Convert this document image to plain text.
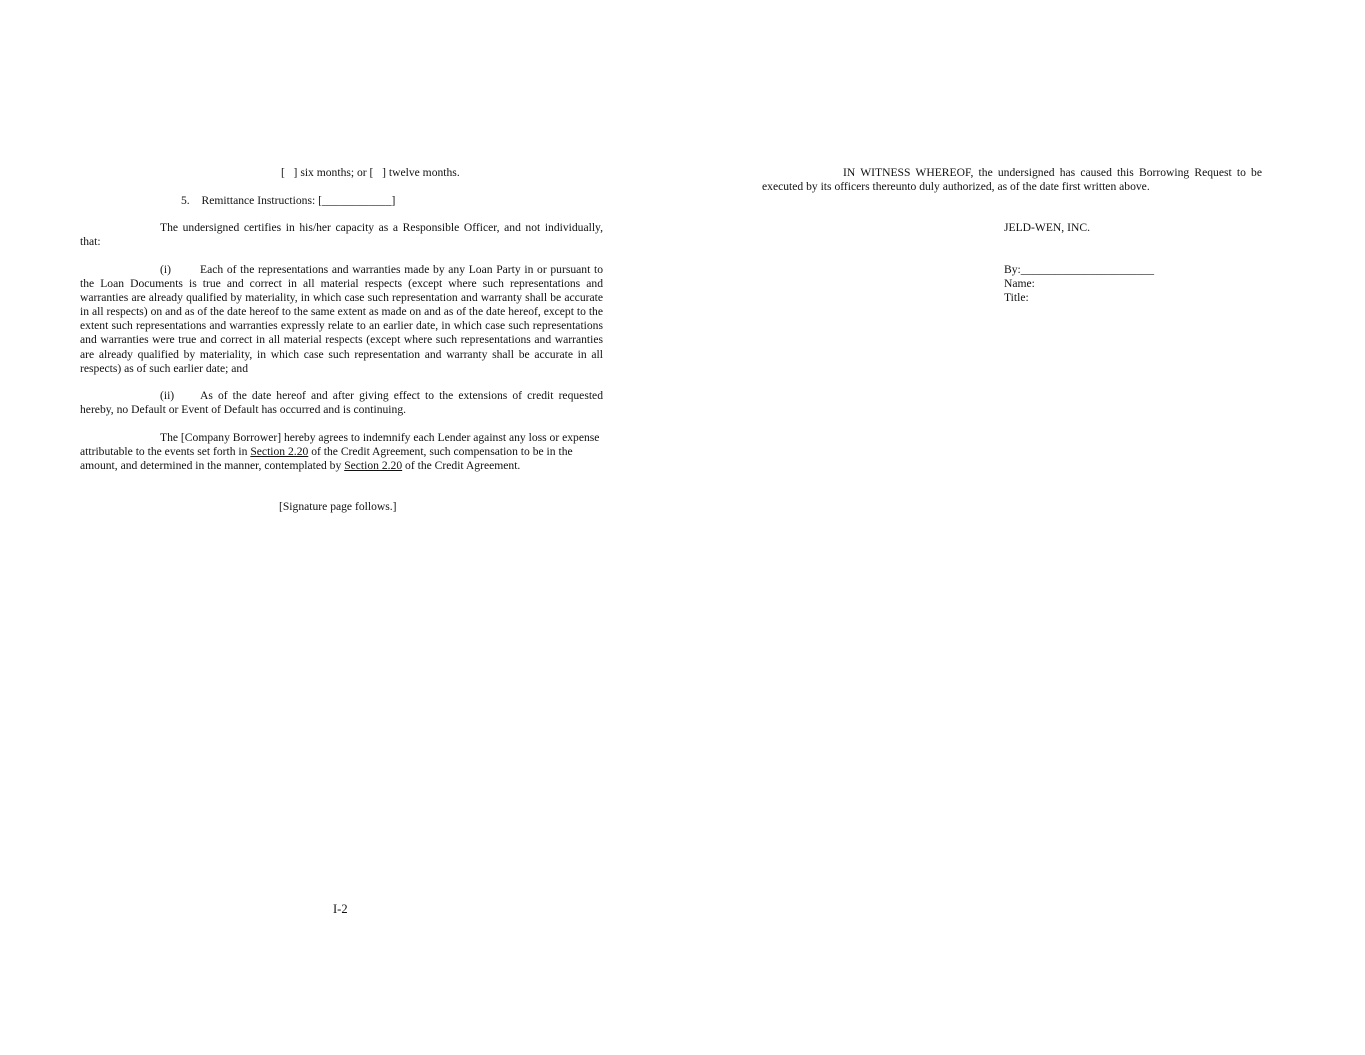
[   ] six months; or [   ] twelve months.
5. Remittance Instructions: [____________]
The undersigned certifies in his/her capacity as a Responsible Officer, and not individually, that:
(i)	Each of the representations and warranties made by any Loan Party in or pursuant to the Loan Documents is true and correct in all material respects (except where such representations and warranties are already qualified by materiality, in which case such representation and warranty shall be accurate in all respects) on and as of the date hereof to the same extent as made on and as of the date hereof, except to the extent such representations and warranties expressly relate to an earlier date, in which case such representations and warranties were true and correct in all material respects (except where such representations and warranties are already qualified by materiality, in which case such representation and warranty shall be accurate in all respects) as of such earlier date; and
(ii) As of the date hereof and after giving effect to the extensions of credit requested hereby, no Default or Event of Default has occurred and is continuing.
The [Company Borrower] hereby agrees to indemnify each Lender against any loss or expense attributable to the events set forth in Section 2.20 of the Credit Agreement, such compensation to be in the amount, and determined in the manner, contemplated by Section 2.20 of the Credit Agreement.
[Signature page follows.]
I-2
IN WITNESS WHEREOF, the undersigned has caused this Borrowing Request to be executed by its officers thereunto duly authorized, as of the date first written above.
JELD-WEN, INC.
By:_______________________
Name:
Title:
